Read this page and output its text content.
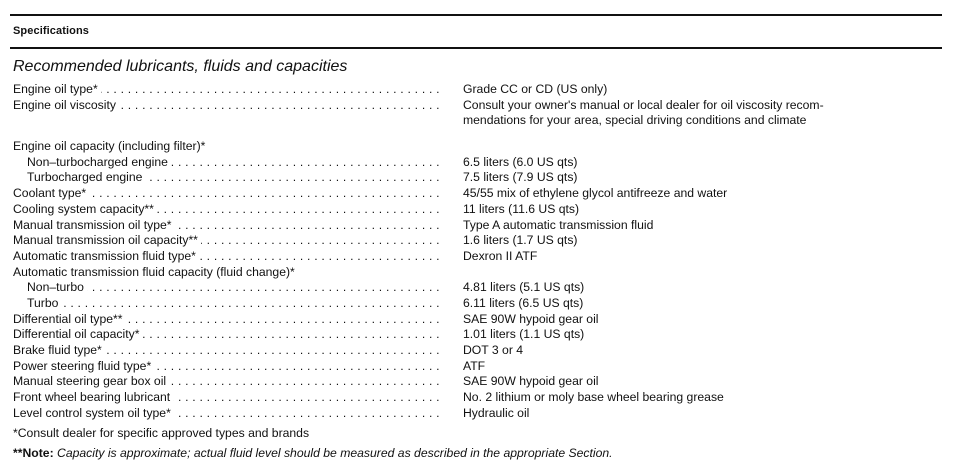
Specifications
Recommended lubricants, fluids and capacities
Engine oil type* . . .	Grade CC or CD (US only)
Engine oil viscosity . . .	Consult your owner's manual or local dealer for oil viscosity recom-
mendations for your area, special driving conditions and climate
Engine oil capacity (including filter)*
Non–turbocharged engine . . .	6.5 liters (6.0 US qts)
Turbocharged engine . . .	7.5 liters (7.9 US qts)
Coolant type* . . .	45/55 mix of ethylene glycol antifreeze and water
Cooling system capacity** . . .	11 liters (11.6 US qts)
Manual transmission oil type* . . .	Type A automatic transmission fluid
Manual transmission oil capacity** . . .	1.6 liters (1.7 US qts)
Automatic transmission fluid type* . . .	Dexron II ATF
Automatic transmission fluid capacity (fluid change)*
Non–turbo . . .	4.81 liters (5.1 US qts)
Turbo . . .	6.11 liters (6.5 US qts)
Differential oil type** . . .	SAE 90W hypoid gear oil
Differential oil capacity* . . .	1.01 liters (1.1 US qts)
Brake fluid type* . . .	DOT 3 or 4
Power steering fluid type* . . .	ATF
Manual steering gear box oil . . .	SAE 90W hypoid gear oil
Front wheel bearing lubricant . . .	No. 2 lithium or moly base wheel bearing grease
Level control system oil type* . . .	Hydraulic oil
*Consult dealer for specific approved types and brands
**Note: Capacity is approximate; actual fluid level should be measured as described in the appropriate Section.
